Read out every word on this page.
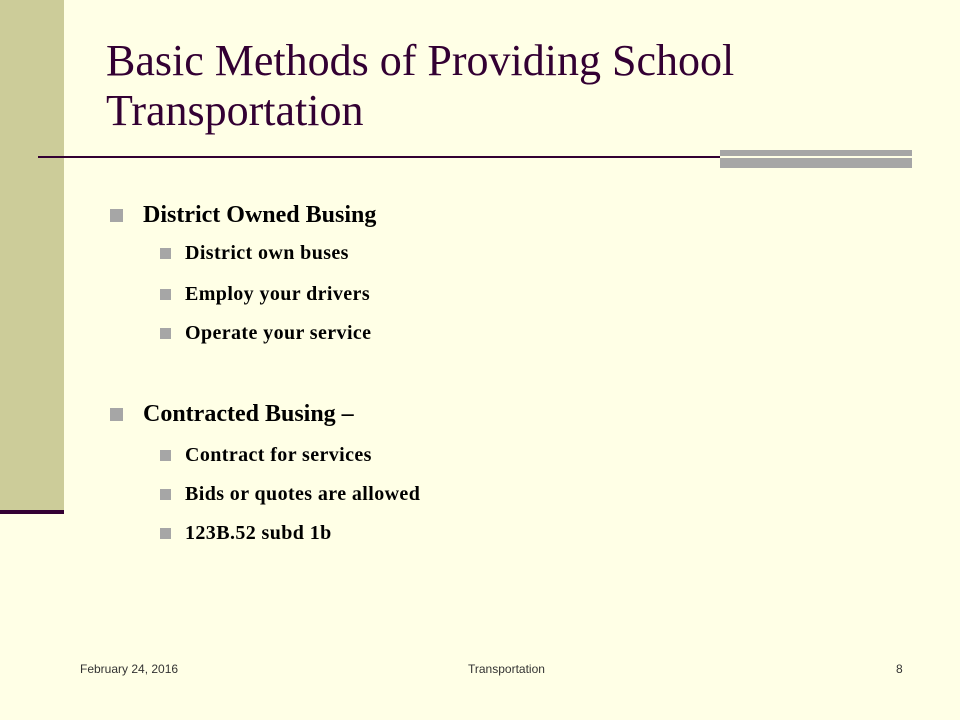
Basic Methods of Providing School Transportation
District Owned Busing
District own buses
Employ your drivers
Operate your service
Contracted Busing –
Contract for services
Bids or quotes are allowed
123B.52 subd 1b
February 24, 2016	Transportation	8
